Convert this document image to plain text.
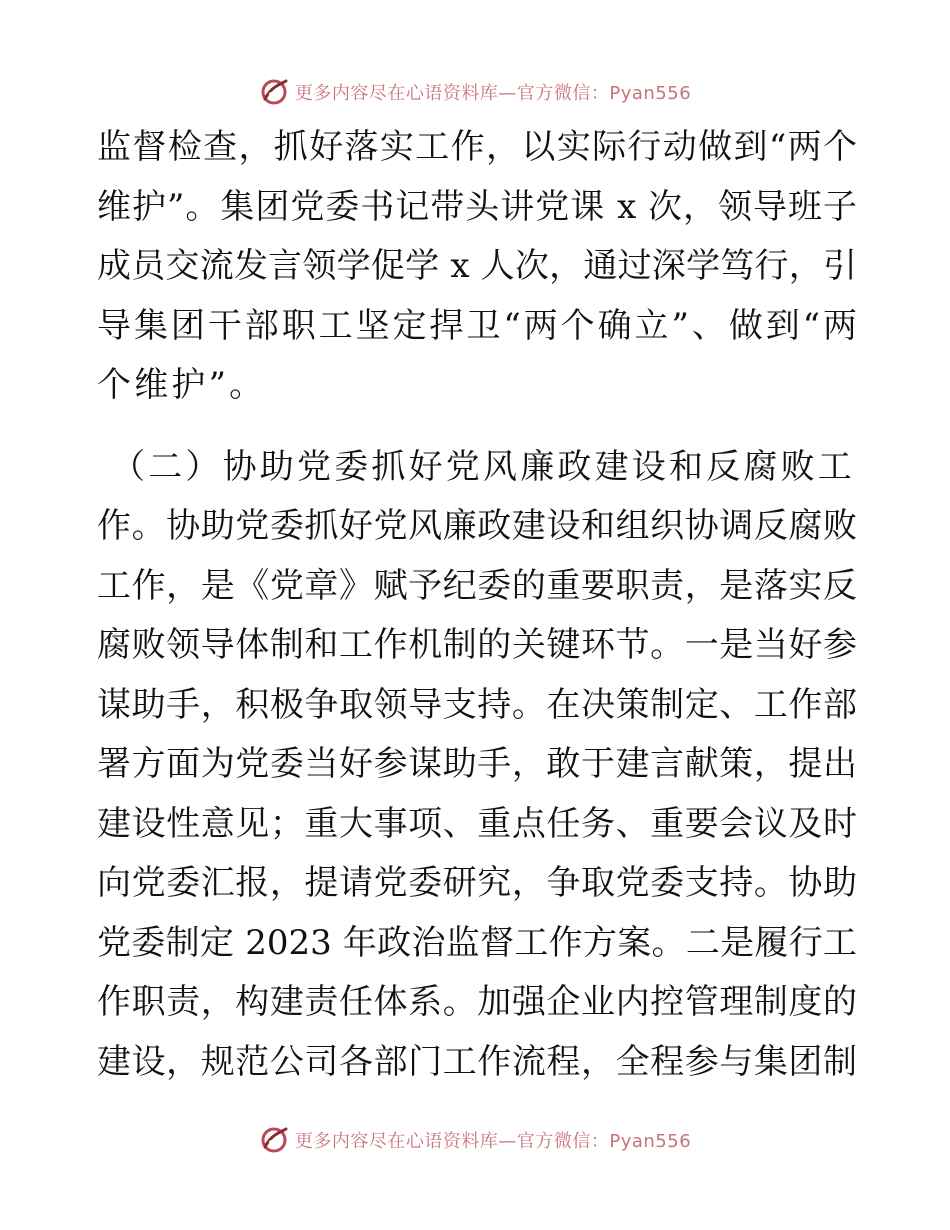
更多内容尽在心语资料库—官方微信：Pyan556
监督检查，抓好落实工作，以实际行动做到“两个
维护”。集团党委书记带头讲党课 x 次，领导班子
成员交流发言领学促学 x 人次，通过深学笃行，引
导集团干部职工坚定捍卫“两个确立”、做到“两
个维护”。
（二）协助党委抓好党风廉政建设和反腐败工
作。协助党委抓好党风廉政建设和组织协调反腐败
工作，是《党章》赋予纪委的重要职责，是落实反
腐败领导体制和工作机制的关键环节。一是当好参
谋助手，积极争取领导支持。在决策制定、工作部
署方面为党委当好参谋助手，敢于建言献策，提出
建设性意见；重大事项、重点任务、重要会议及时
向党委汇报，提请党委研究，争取党委支持。协助
党委制定 2023 年政治监督工作方案。二是履行工
作职责，构建责任体系。加强企业内控管理制度的
建设，规范公司各部门工作流程，全程参与集团制
更多内容尽在心语资料库—官方微信：Pyan556
